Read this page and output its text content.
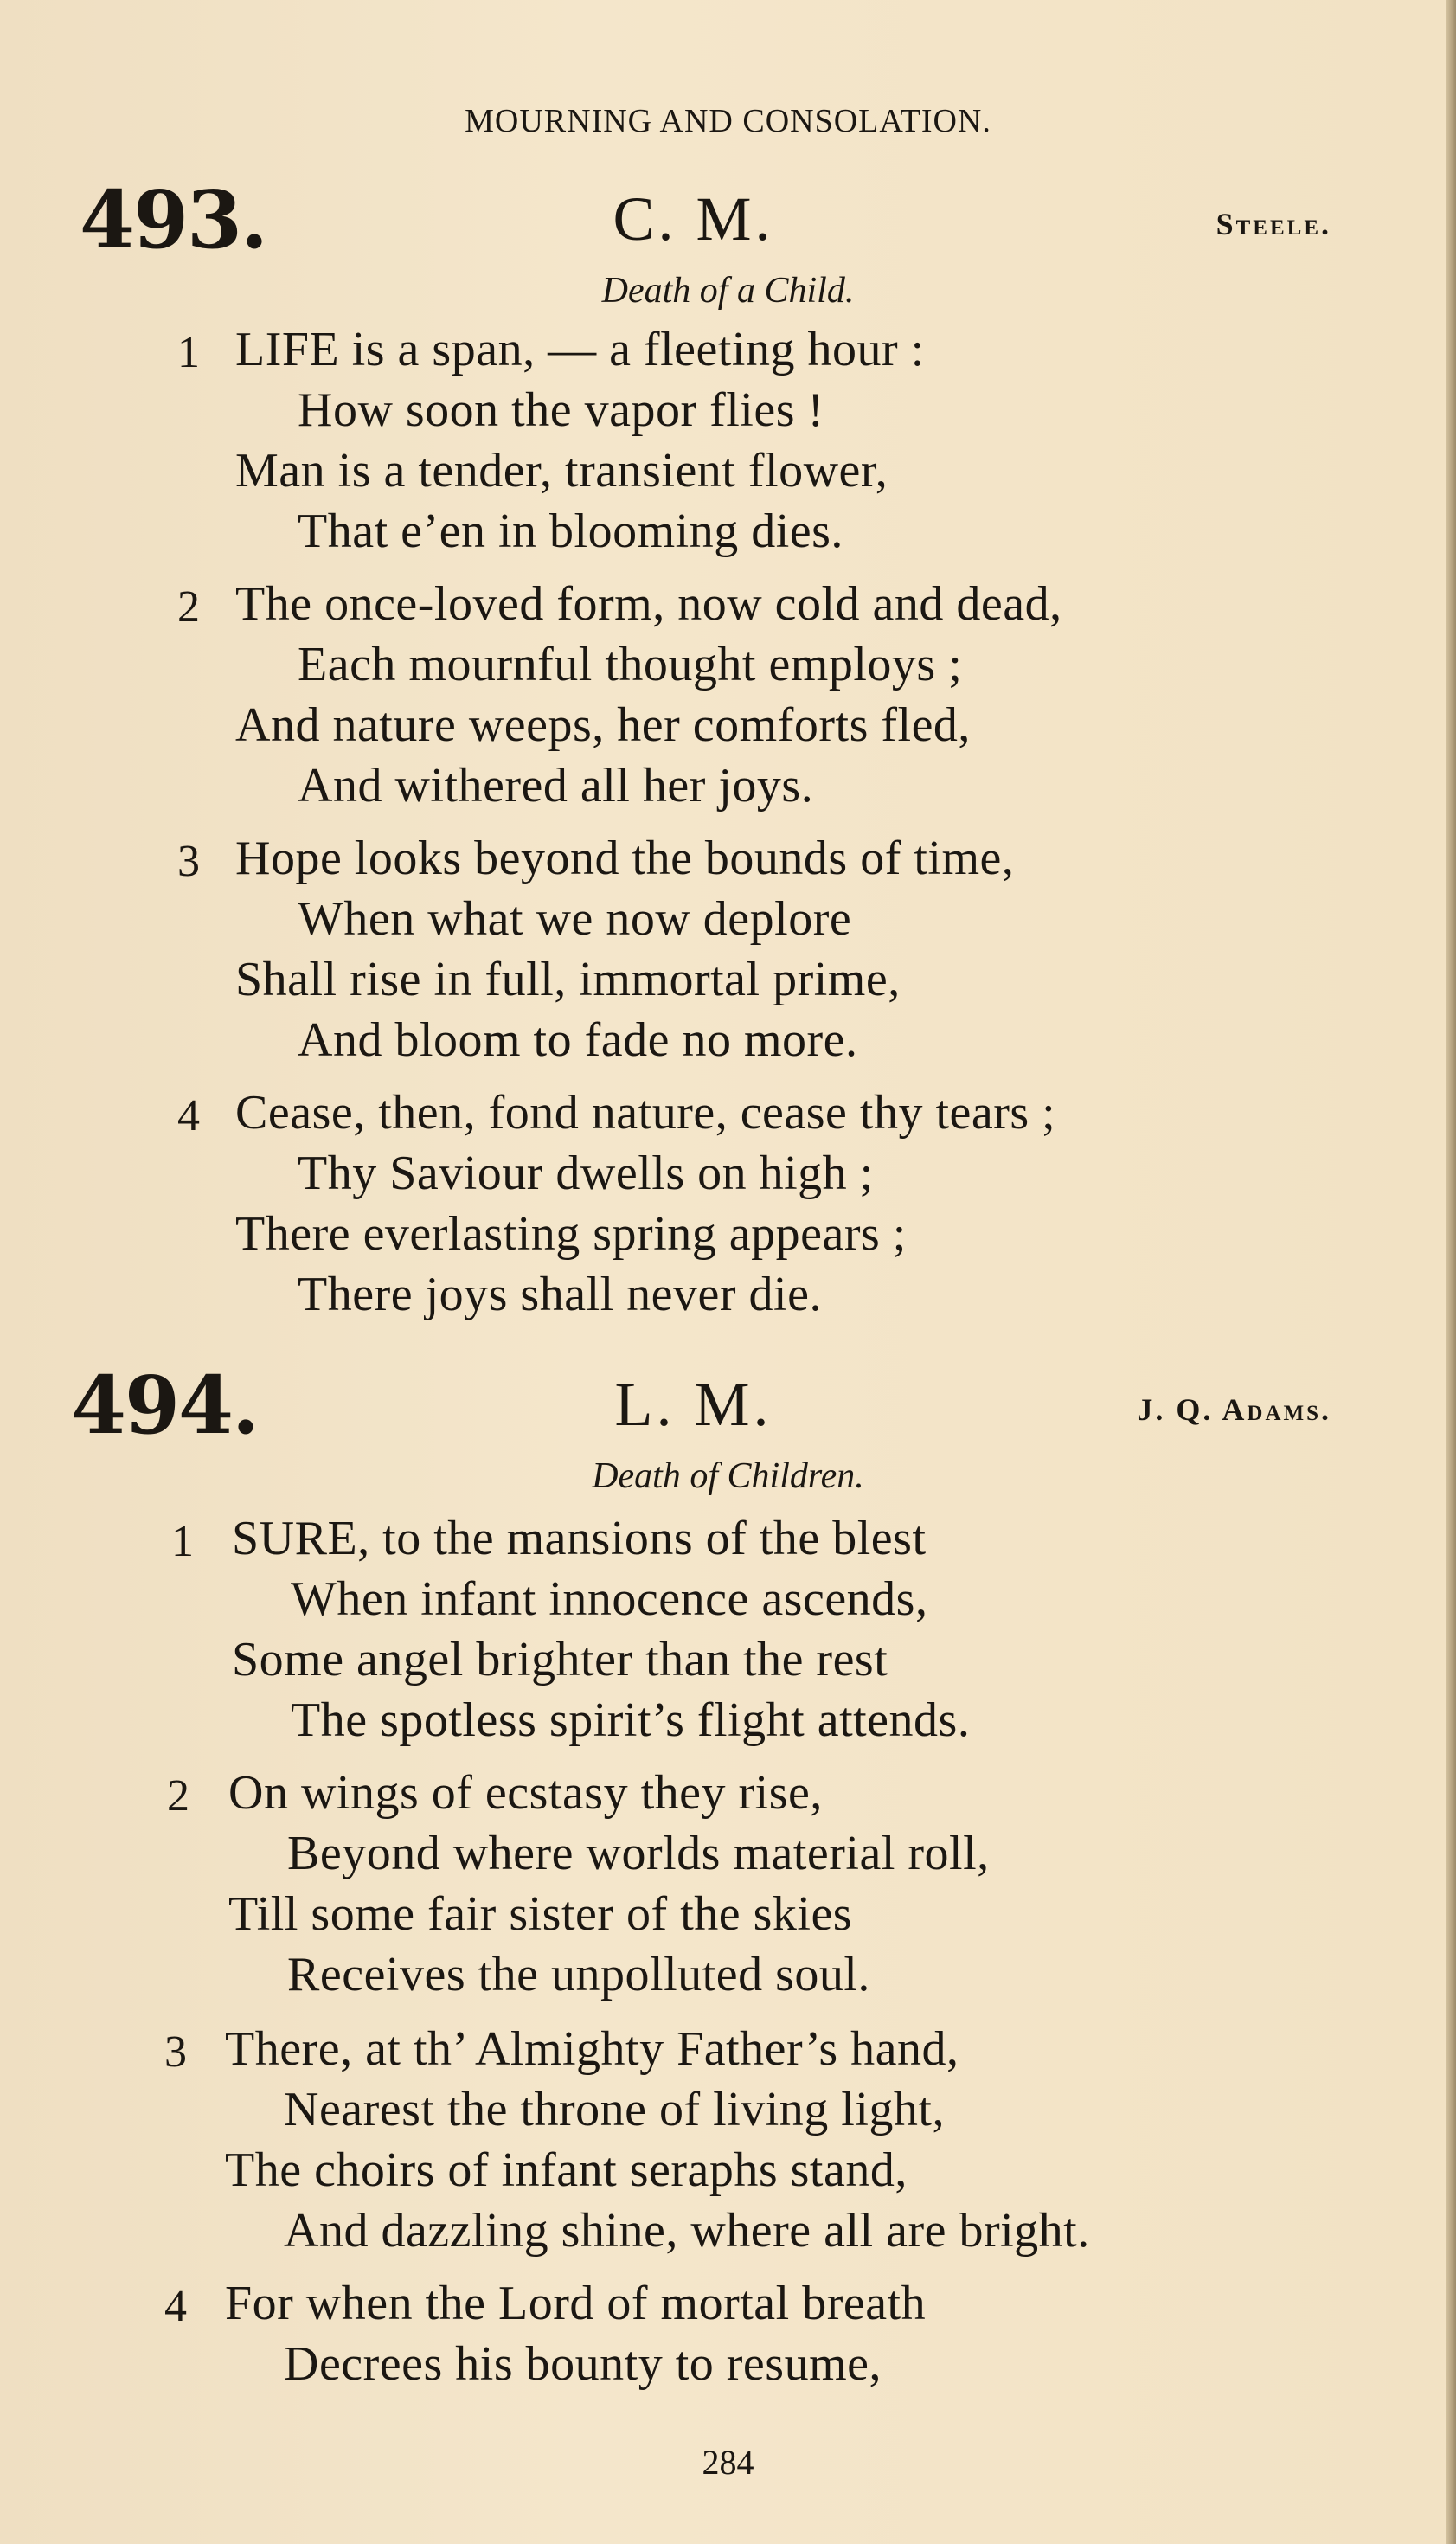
MOURNING AND CONSOLATION.
493.	C. M.	Steele.
Death of a Child.
1 LIFE is a span, — a fleeting hour :
How soon the vapor flies !
Man is a tender, transient flower,
That e’en in blooming dies.
2 The once-loved form, now cold and dead,
Each mournful thought employs ;
And nature weeps, her comforts fled,
And withered all her joys.
3 Hope looks beyond the bounds of time,
When what we now deplore
Shall rise in full, immortal prime,
And bloom to fade no more.
4 Cease, then, fond nature, cease thy tears ;
Thy Saviour dwells on high ;
There everlasting spring appears ;
There joys shall never die.
494.	L. M.	J. Q. Adams.
Death of Children.
1 SURE, to the mansions of the blest
When infant innocence ascends,
Some angel brighter than the rest
The spotless spirit’s flight attends.
2 On wings of ecstasy they rise,
Beyond where worlds material roll,
Till some fair sister of the skies
Receives the unpolluted soul.
3 There, at th’ Almighty Father’s hand,
Nearest the throne of living light,
The choirs of infant seraphs stand,
And dazzling shine, where all are bright.
4 For when the Lord of mortal breath
Decrees his bounty to resume,
284
